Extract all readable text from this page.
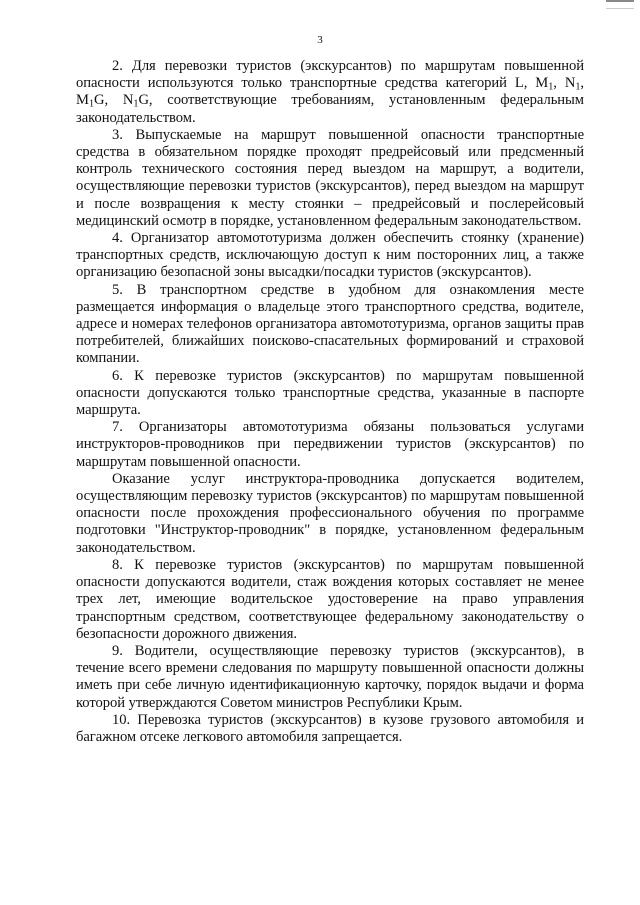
3

2. Для перевозки туристов (экскурсантов) по маршрутам повышенной опасности используются только транспортные средства категорий L, $M_1$, $N_1$, $M_1G$, $N_1G$, соответствующие требованиям, установленным федеральным законодательством.

3. Выпускаемые на маршрут повышенной опасности транспортные средства в обязательном порядке проходят предрейсовый или предсменный контроль технического состояния перед выездом на маршрут, а водители, осуществляющие перевозки туристов (экскурсантов), перед выездом на маршрут и после возвращения к месту стоянки – предрейсовый и послерейсовый медицинский осмотр в порядке, установленном федеральным законодательством.

4. Организатор автомототуризма должен обеспечить стоянку (хранение) транспортных средств, исключающую доступ к ним посторонних лиц, а также организацию безопасной зоны высадки/посадки туристов (экскурсантов).

5. В транспортном средстве в удобном для ознакомления месте размещается информация о владельце этого транспортного средства, водителе, адресе и номерах телефонов организатора автомототуризма, органов защиты прав потребителей, ближайших поисково-спасательных формирований и страховой компании.

6. К перевозке туристов (экскурсантов) по маршрутам повышенной опасности допускаются только транспортные средства, указанные в паспорте маршрута.

7. Организаторы автомототуризма обязаны пользоваться услугами инструкторов-проводников при передвижении туристов (экскурсантов) по маршрутам повышенной опасности.

Оказание услуг инструктора-проводника допускается водителем, осуществляющим перевозку туристов (экскурсантов) по маршрутам повышенной опасности после прохождения профессионального обучения по программе подготовки "Инструктор-проводник" в порядке, установленном федеральным законодательством.

8. К перевозке туристов (экскурсантов) по маршрутам повышенной опасности допускаются водители, стаж вождения которых составляет не менее трех лет, имеющие водительское удостоверение на право управления транспортным средством, соответствующее федеральному законодательству о безопасности дорожного движения.

9. Водители, осуществляющие перевозку туристов (экскурсантов), в течение всего времени следования по маршруту повышенной опасности должны иметь при себе личную идентификационную карточку, порядок выдачи и форма которой утверждаются Советом министров Республики Крым.

10. Перевозка туристов (экскурсантов) в кузове грузового автомобиля и багажном отсеке легкового автомобиля запрещается.
